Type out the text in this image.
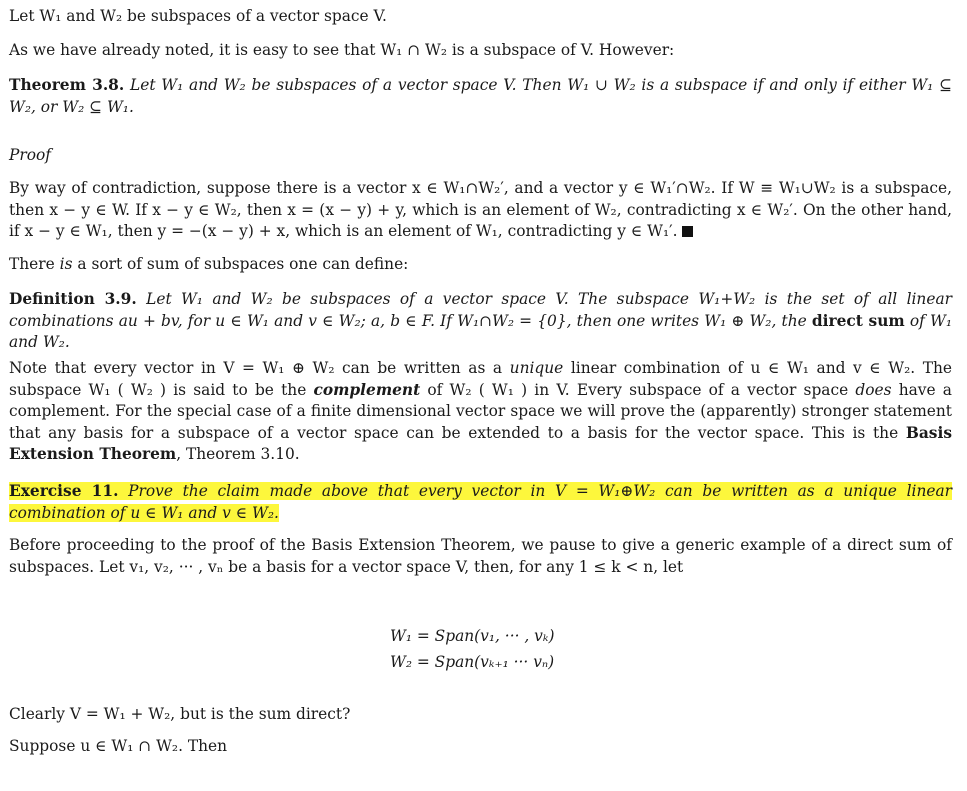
Let W₁ and W₂ be subspaces of a vector space V.

As we have already noted, it is easy to see that W₁ ∩ W₂ is a subspace of V. However:

Theorem 3.8. Let W₁ and W₂ be subspaces of a vector space V. Then W₁ ∪ W₂ is a subspace if and only if either W₁ ⊆ W₂, or W₂ ⊆ W₁.

Proof

By way of contradiction, suppose there is a vector x ∈ W₁∩W₂′, and a vector y ∈ W₁′∩W₂. If W ≡ W₁∪W₂ is a subspace, then x − y ∈ W. If x − y ∈ W₂, then x = (x − y) + y, which is an element of W₂, contradicting x ∈ W₂′. On the other hand, if x − y ∈ W₁, then y = −(x − y) + x, which is an element of W₁, contradicting y ∈ W₁′.

There is a sort of sum of subspaces one can define:

Definition 3.9. Let W₁ and W₂ be subspaces of a vector space V. The subspace W₁+W₂ is the set of all linear combinations au + bv, for u ∈ W₁ and v ∈ W₂; a, b ∈ F. If W₁∩W₂ = {0}, then one writes W₁ ⊕ W₂, the direct sum of W₁ and W₂.

Note that every vector in V = W₁ ⊕ W₂ can be written as a unique linear combination of u ∈ W₁ and v ∈ W₂. The subspace W₁ ( W₂ ) is said to be the complement of W₂ ( W₁ ) in V. Every subspace of a vector space does have a complement. For the special case of a finite dimensional vector space we will prove the (apparently) stronger statement that any basis for a subspace of a vector space can be extended to a basis for the vector space. This is the Basis Extension Theorem, Theorem 3.10.

Exercise 11. Prove the claim made above that every vector in V = W₁⊕W₂ can be written as a unique linear combination of u ∈ W₁ and v ∈ W₂.

Before proceeding to the proof of the Basis Extension Theorem, we pause to give a generic example of a direct sum of subspaces. Let v₁, v₂, ··· , vₙ be a basis for a vector space V, then, for any 1 ≤ k < n, let

W₁ = Span(v₁, ··· , vₖ)
W₂ = Span(vₖ₊₁ ··· vₙ)

Clearly V = W₁ + W₂, but is the sum direct?

Suppose u ∈ W₁ ∩ W₂. Then
